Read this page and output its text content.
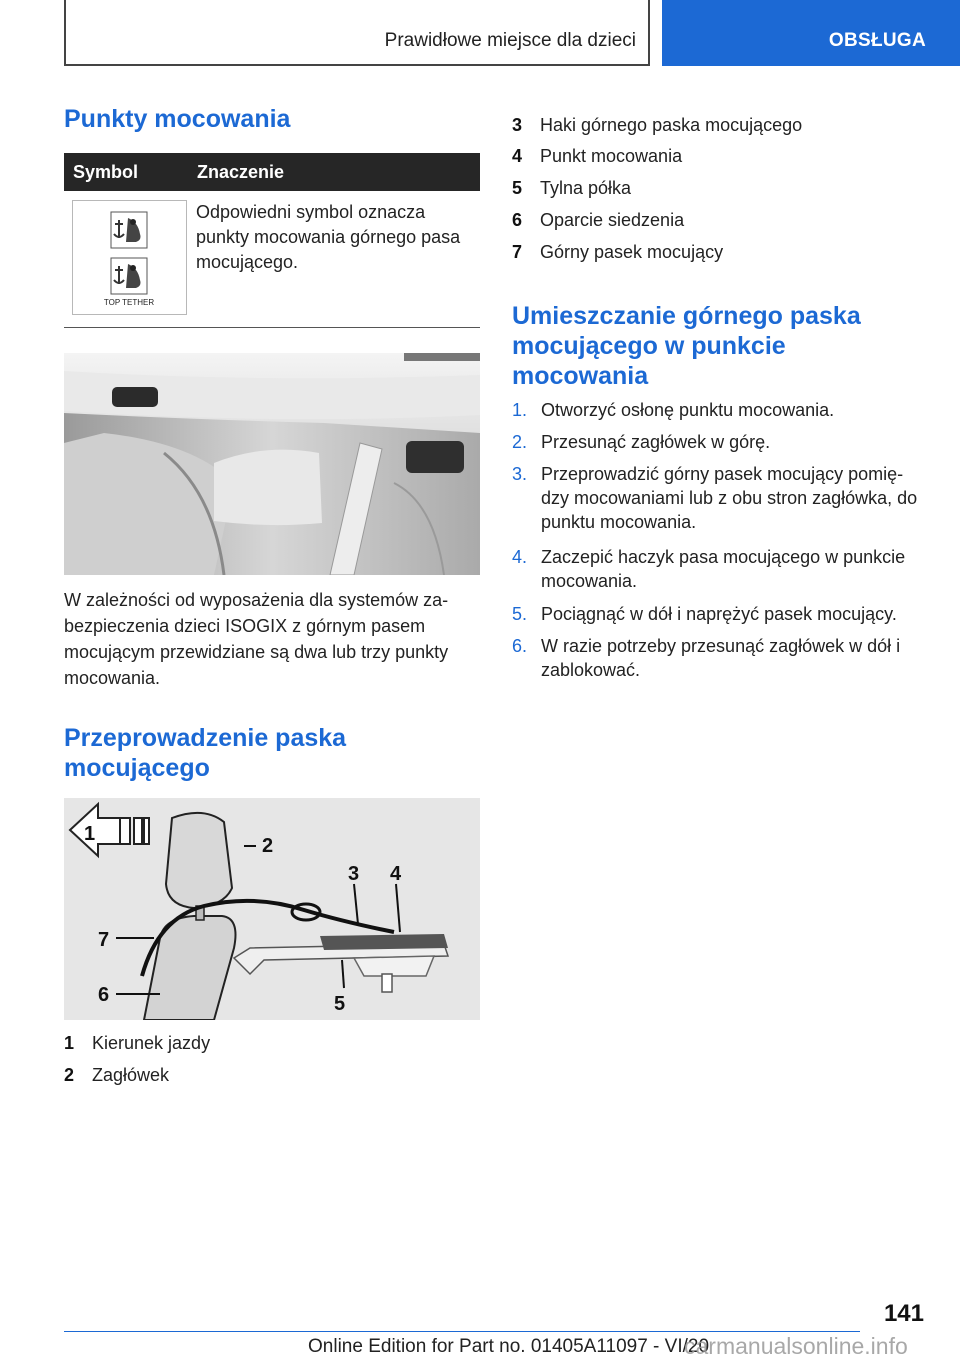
Prawidłowe miejsce dla dzieci	OBSŁUGA
Punkty mocowania
Symbol	Znaczenie
TOP TETHER
Odpowiedni symbol oznacza punkty mocowania górnego pasa mocującego.
W zależności od wyposażenia dla systemów za- bezpieczenia dzieci ISOGIX z górnym pasem mocującym przewidziane są dwa lub trzy punkty mocowania.
Przeprowadzenie paska
mocującego
1
2
3 4
5
6
7
1 Kierunek jazdy
2 Zagłówek
3 Haki górnego paska mocującego
4 Punkt mocowania
5 Tylna półka
6 Oparcie siedzenia
7 Górny pasek mocujący
Umieszczanie górnego paska
mocującego w punkcie
mocowania
1. Otworzyć osłonę punktu mocowania.
2. Przesunąć zagłówek w górę.
3. Przeprowadzić górny pasek mocujący pomię- dzy mocowaniami lub z obu stron zagłówka, do punktu mocowania.
4. Zaczepić haczyk pasa mocującego w punkcie mocowania.
5. Pociągnąć w dół i naprężyć pasek mocujący.
6. W razie potrzeby przesunąć zagłówek w dół i zablokować.
141
Online Edition for Part no. 01405A11097 - VI/20
carmanualsonline.info
